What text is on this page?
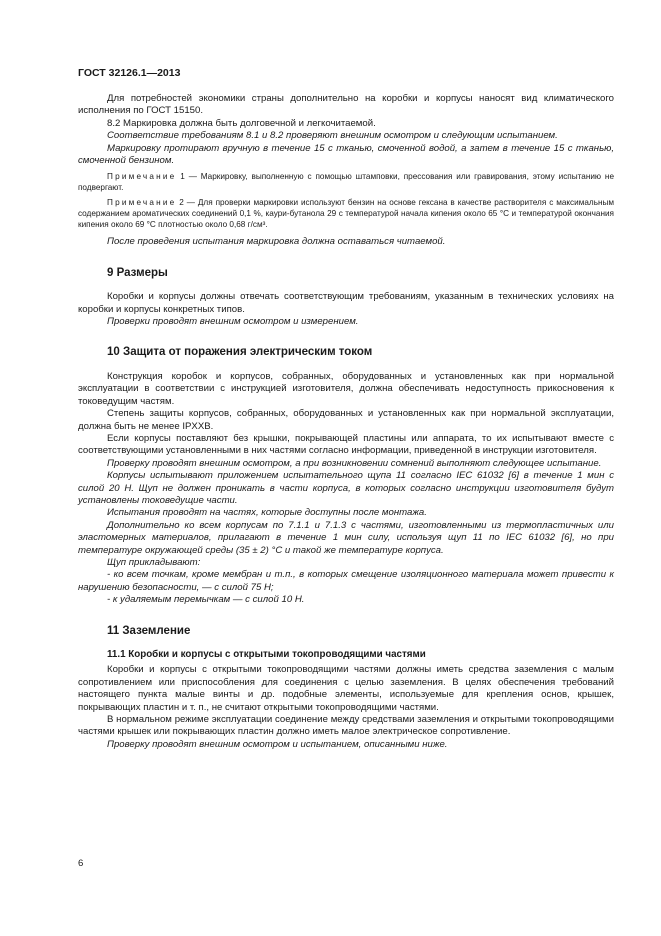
ГОСТ 32126.1—2013

Для потребностей экономики страны дополнительно на коробки и корпусы наносят вид климатического исполнения по ГОСТ 15150.

8.2 Маркировка должна быть долговечной и легкочитаемой.

Соответствие требованиям 8.1 и 8.2 проверяют внешним осмотром и следующим испытанием.

Маркировку протирают вручную в течение 15 с тканью, смоченной водой, а затем в течение 15 с тканью, смоченной бензином.

Примечание 1 — Маркировку, выполненную с помощью штамповки, прессования или гравирования, этому испытанию не подвергают.

Примечание 2 — Для проверки маркировки используют бензин на основе гексана в качестве растворителя с максимальным содержанием ароматических соединений 0,1 %, каури-бутанола 29 с температурой начала кипения около 65 °С и температурой окончания кипения около 69 °С плотностью около 0,68 г/см³.

После проведения испытания маркировка должна оставаться читаемой.

9 Размеры

Коробки и корпусы должны отвечать соответствующим требованиям, указанным в технических условиях на коробки и корпусы конкретных типов.

Проверки проводят внешним осмотром и измерением.

10 Защита от поражения электрическим током

Конструкция коробок и корпусов, собранных, оборудованных и установленных как при нормальной эксплуатации в соответствии с инструкцией изготовителя, должна обеспечивать недоступность прикосновения к токоведущим частям.

Степень защиты корпусов, собранных, оборудованных и установленных как при нормальной эксплуатации, должна быть не менее IPXXB.

Если корпусы поставляют без крышки, покрывающей пластины или аппарата, то их испытывают вместе с соответствующими установленными в них частями согласно информации, приведенной в инструкции изготовителя.

Проверку проводят внешним осмотром, а при возникновении сомнений выполняют следующее испытание.

Корпусы испытывают приложением испытательного щупа 11 согласно IEC 61032 [6] в течение 1 мин с силой 20 Н. Щуп не должен проникать в части корпуса, в которых согласно инструкции изготовителя будут установлены токоведущие части.

Испытания проводят на частях, которые доступны после монтажа.

Дополнительно ко всем корпусам по 7.1.1 и 7.1.3 с частями, изготовленными из термопластичных или эластомерных материалов, прилагают в течение 1 мин силу, используя щуп 11 по IEC 61032 [6], но при температуре окружающей среды (35 ± 2) °С и такой же температуре корпуса.

Щуп прикладывают:

- ко всем точкам, кроме мембран и т.п., в которых смещение изоляционного материала может привести к нарушению безопасности, — с силой 75 Н;

- к удаляемым перемычкам — с силой 10 Н.

11 Заземление
11.1 Коробки и корпусы с открытыми токопроводящими частями

Коробки и корпусы с открытыми токопроводящими частями должны иметь средства заземления с малым сопротивлением или приспособления для соединения с целью заземления. В целях обеспечения требований настоящего пункта малые винты и др. подобные элементы, используемые для крепления основ, крышек, покрывающих пластин и т. п., не считают открытыми токопроводящими частями.

В нормальном режиме эксплуатации соединение между средствами заземления и открытыми токопроводящими частями крышек или покрывающих пластин должно иметь малое электрическое сопротивление.

Проверку проводят внешним осмотром и испытанием, описанными ниже.

6
